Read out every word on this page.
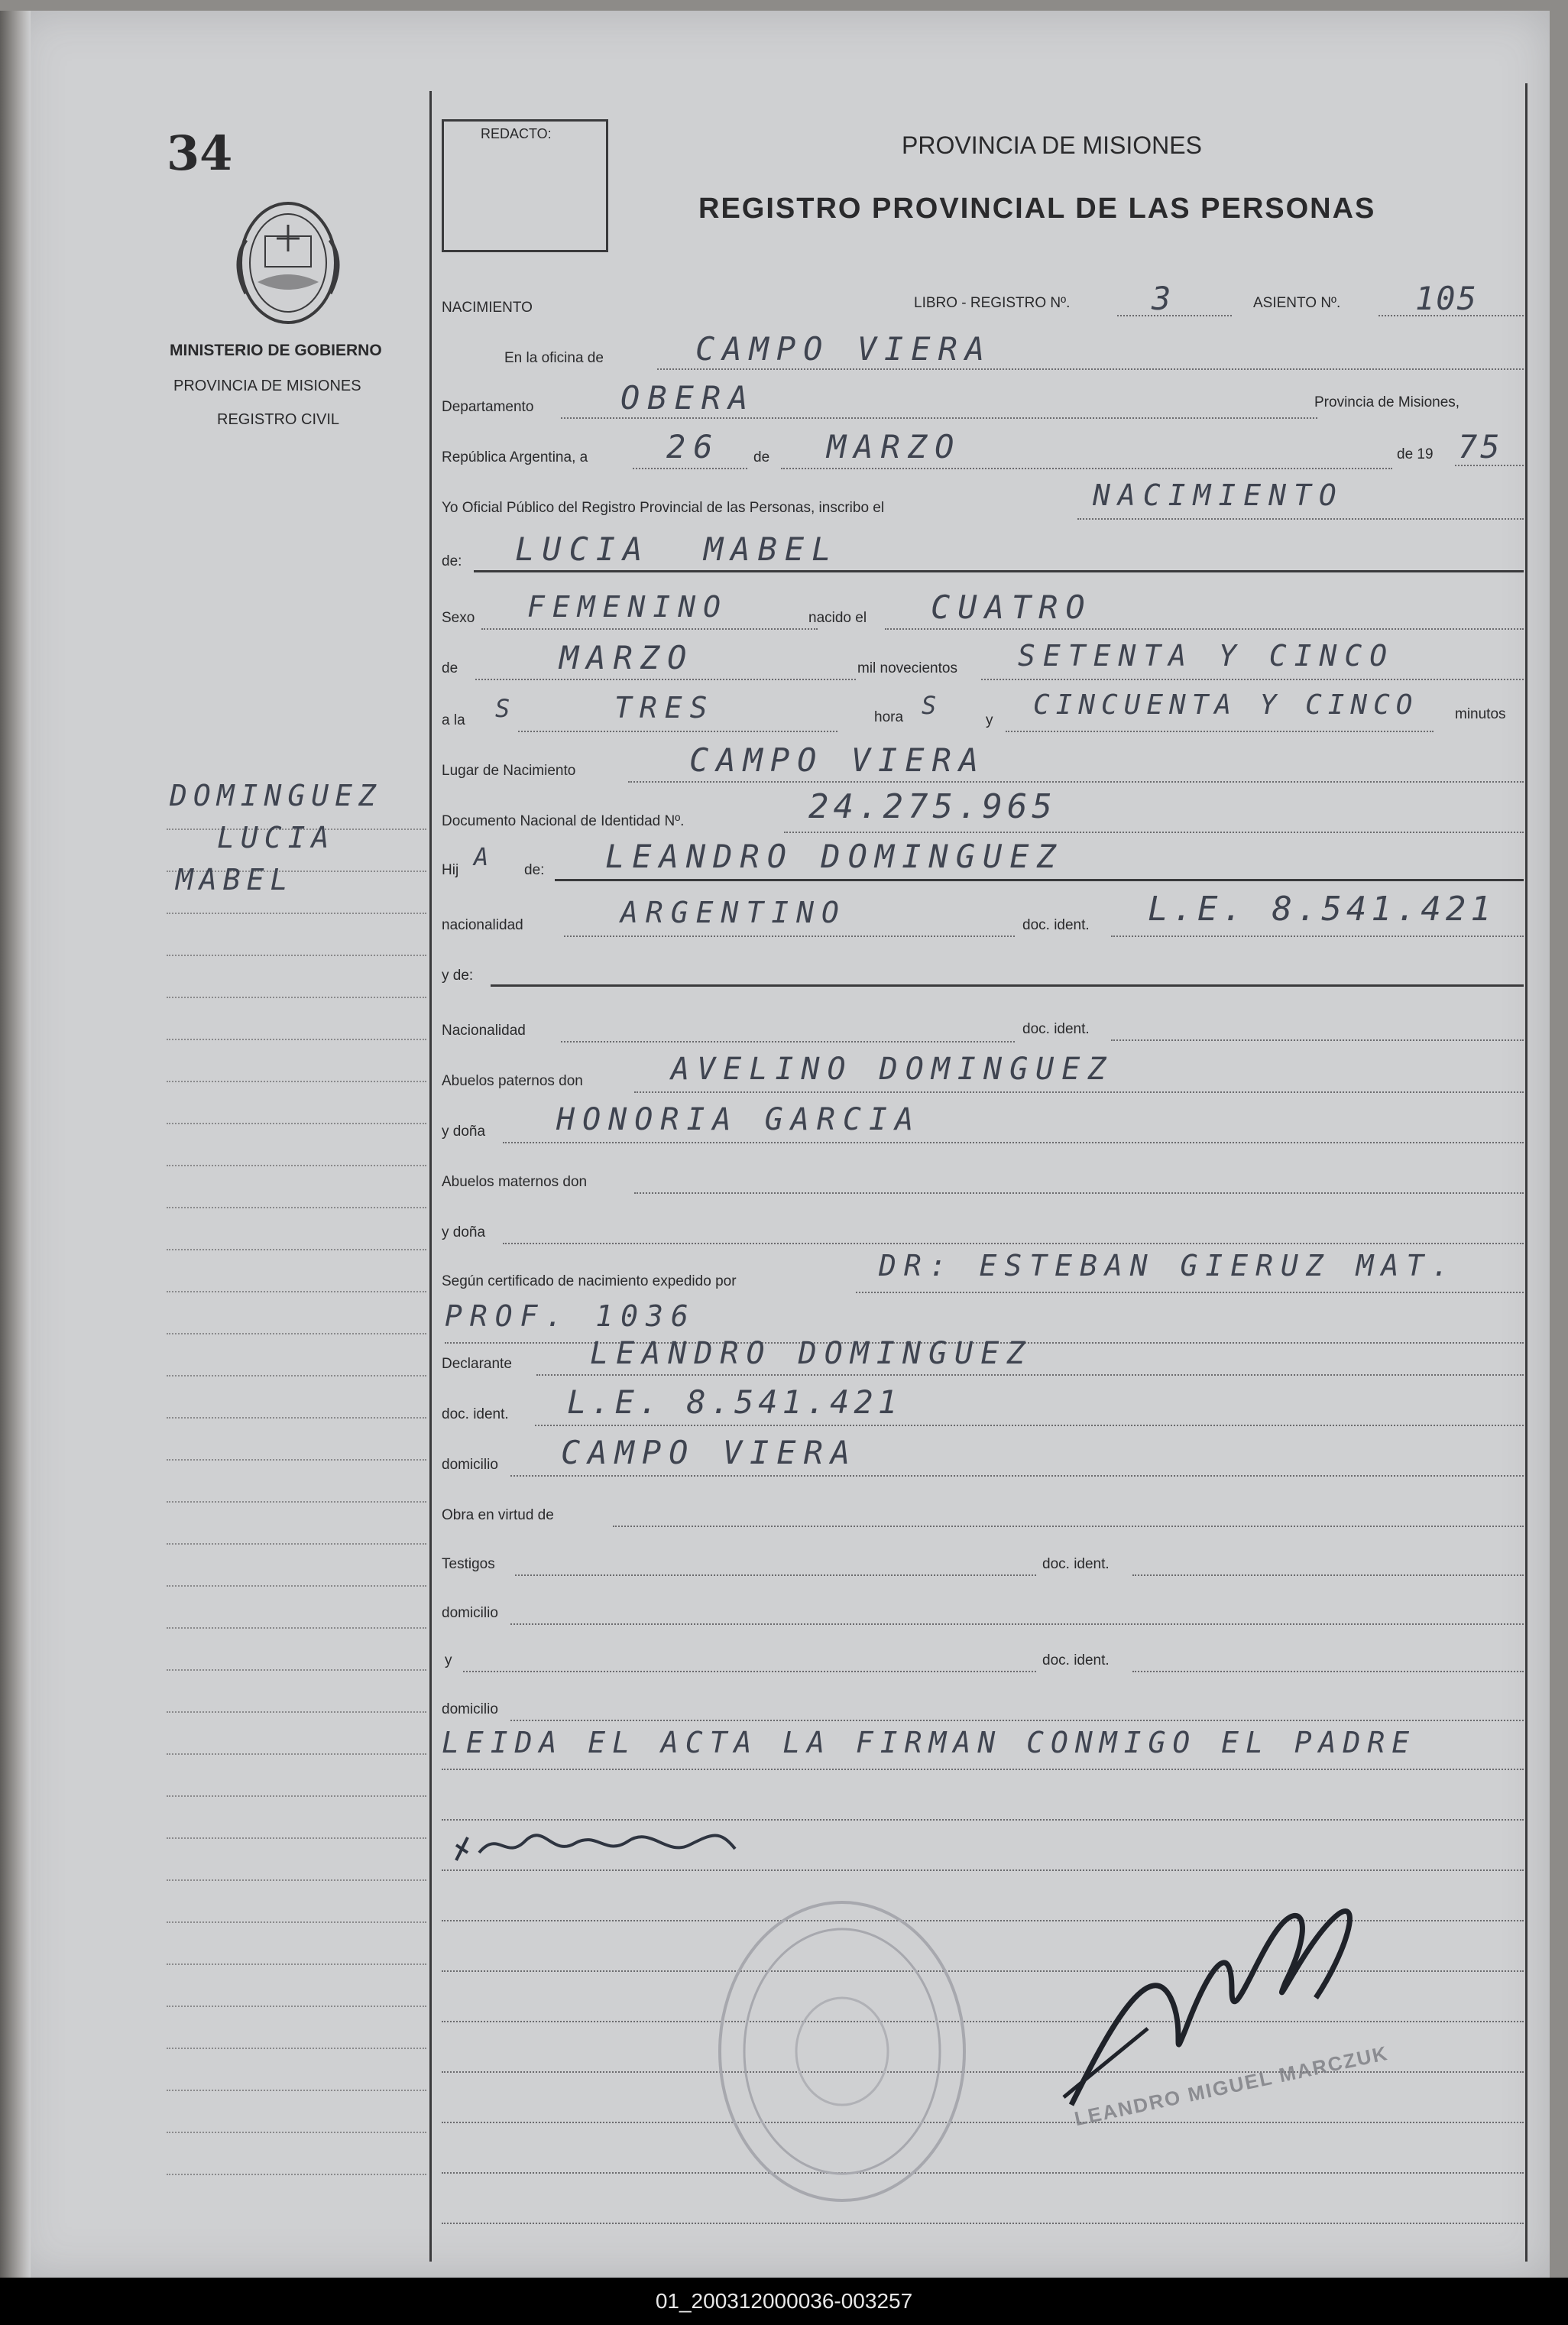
34
MINISTERIO DE GOBIERNO
PROVINCIA DE MISIONES
REGISTRO CIVIL
DOMINGUEZ
LUCIA
MABEL
REDACTO:	PROVINCIA DE MISIONES
REGISTRO PROVINCIAL DE LAS PERSONAS
NACIMIENTO	LIBRO - REGISTRO Nº.	3	ASIENTO Nº. 105
En la oficina de	CAMPO VIERA
Departamento	OBERA	Provincia de Misiones,
República Argentina, a 26 de MARZO	de 19 75
Yo Oficial Público del Registro Provincial de las Personas, inscribo el	NACIMIENTO
de: LUCIA  MABEL
Sexo FEMENINO	nacido el CUATRO
de	MARZO	mil novecientos SETENTA Y CINCO
a la S	TRES	hora S
y CINCUENTA Y CINCO	minutos
Lugar de Nacimiento	CAMPO VIERA
Documento Nacional de Identidad Nº.	24.275.965
Hij A de: LEANDRO DOMINGUEZ
nacionalidad	ARGENTINO	doc. ident. L.E. 8.541.421
y de:
Nacionalidad	doc. ident.
Abuelos paternos don	AVELINO DOMINGUEZ
y doña HONORIA GARCIA
Abuelos maternos don
y doña
Según certificado de nacimiento expedido por	DR: ESTEBAN GIERUZ MAT.
PROF. 1036
Declarante	LEANDRO DOMINGUEZ
doc. ident. L.E. 8.541.421
domicilio CAMPO VIERA
Obra en virtud de
Testigos	doc. ident.
domicilio
y	doc. ident.
domicilio
LEIDA EL ACTA LA FIRMAN CONMIGO EL PADRE
LEANDRO MIGUEL MARCZUK
01_200312000036-003257
